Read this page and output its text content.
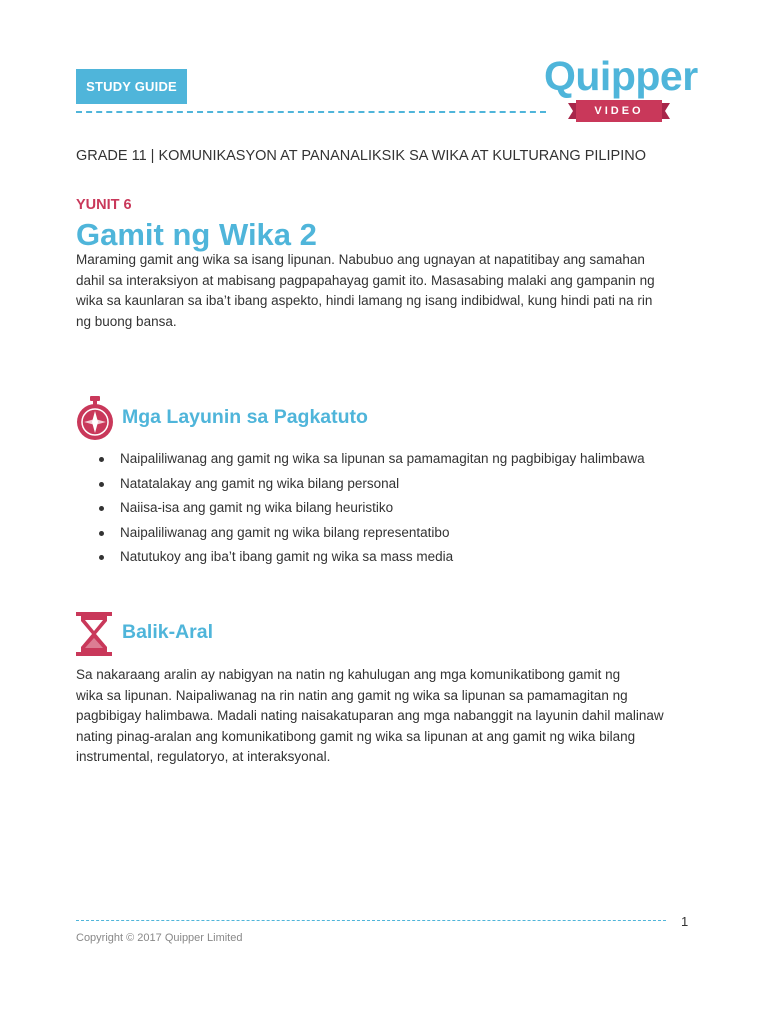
STUDY GUIDE	Quipper
VIDEO
GRADE 11 | KOMUNIKASYON AT PANANALIKSIK SA WIKA AT KULTURANG PILIPINO
YUNIT 6
Gamit ng Wika 2
Maraming gamit ang wika sa isang lipunan. Nabubuo ang ugnayan at napatitibay ang samahan
dahil sa interaksiyon at mabisang pagpapahayag gamit ito. Masasabing malaki ang gampanin ng
wika sa kaunlaran sa iba’t ibang aspekto, hindi lamang ng isang indibidwal, kung hindi pati na rin
ng buong bansa.
Mga Layunin sa Pagkatuto
Naipaliliwanag ang gamit ng wika sa lipunan sa pamamagitan ng pagbibigay halimbawa
Natatalakay ang gamit ng wika bilang personal
Naiisa-isa ang gamit ng wika bilang heuristiko
Naipaliliwanag ang gamit ng wika bilang representatibo
Natutukoy ang iba’t ibang gamit ng wika sa mass media
Balik-Aral
Sa nakaraang aralin ay nabigyan na natin ng kahulugan ang mga komunikatibong gamit ng
wika sa lipunan. Naipaliwanag na rin natin ang gamit ng wika sa lipunan sa pamamagitan ng
pagbibigay halimbawa. Madali nating naisakatuparan ang mga nabanggit na layunin dahil malinaw
nating pinag-aralan ang komunikatibong gamit ng wika sa lipunan at ang gamit ng wika bilang
instrumental, regulatoryo, at interaksyonal.
1
Copyright © 2017 Quipper Limited
